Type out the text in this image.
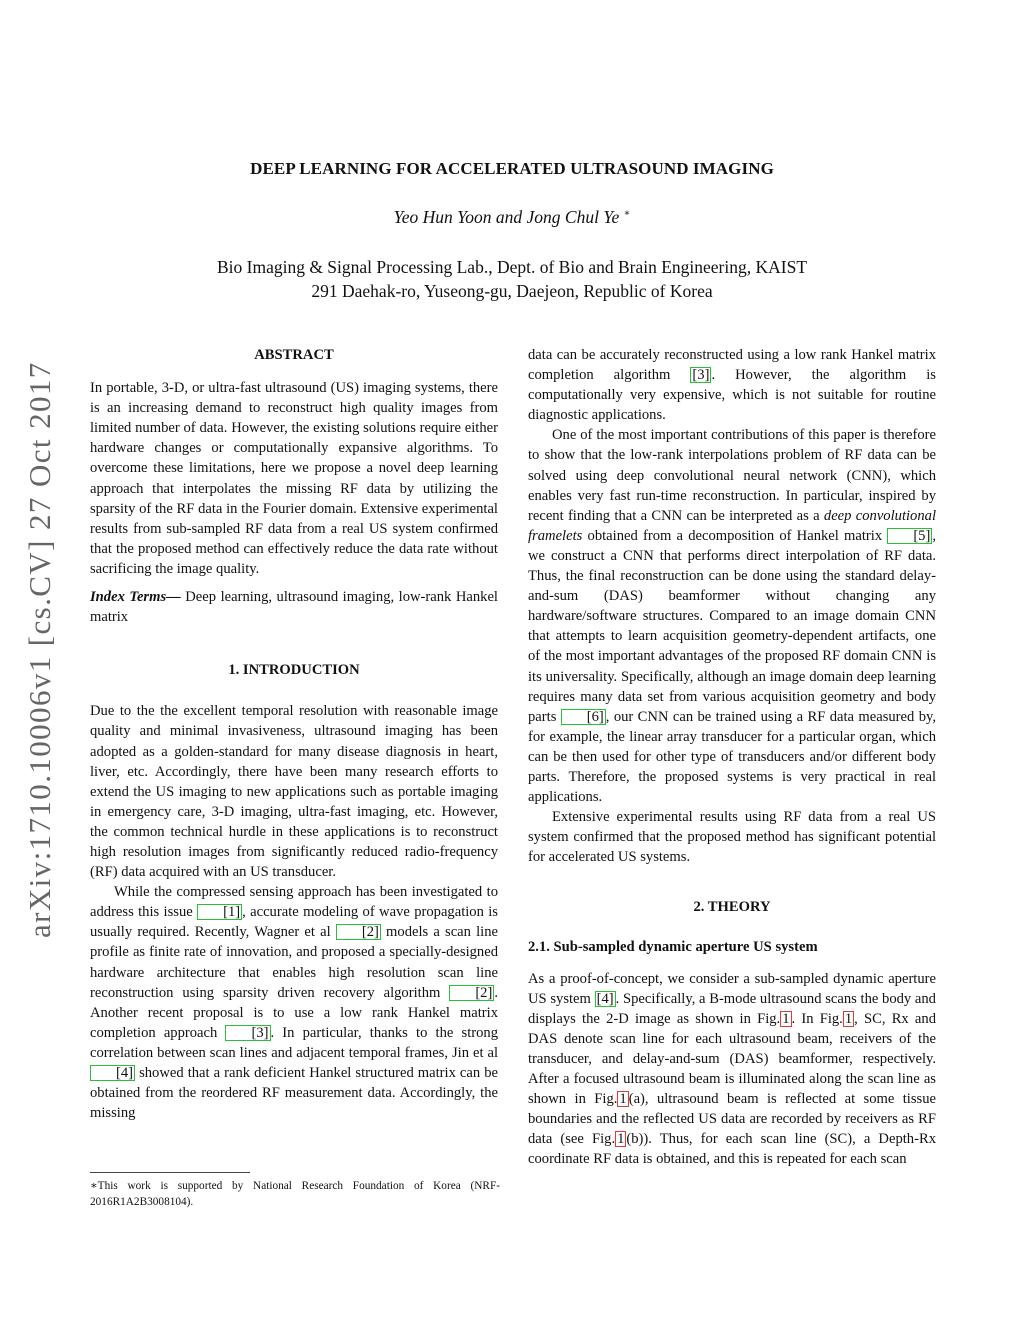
arXiv:1710.10006v1 [cs.CV] 27 Oct 2017
DEEP LEARNING FOR ACCELERATED ULTRASOUND IMAGING
Yeo Hun Yoon and Jong Chul Ye ∗
Bio Imaging & Signal Processing Lab., Dept. of Bio and Brain Engineering, KAIST
291 Daehak-ro, Yuseong-gu, Daejeon, Republic of Korea
ABSTRACT

In portable, 3-D, or ultra-fast ultrasound (US) imaging systems, there is an increasing demand to reconstruct high quality images from limited number of data. However, the existing solutions require either hardware changes or computationally expansive algorithms. To overcome these limitations, here we propose a novel deep learning approach that interpolates the missing RF data by utilizing the sparsity of the RF data in the Fourier domain. Extensive experimental results from sub-sampled RF data from a real US system confirmed that the proposed method can effectively reduce the data rate without sacrificing the image quality.

Index Terms— Deep learning, ultrasound imaging, low-rank Hankel matrix

1. INTRODUCTION

Due to the the excellent temporal resolution with reasonable image quality and minimal invasiveness, ultrasound imaging has been adopted as a golden-standard for many disease diagnosis in heart, liver, etc. Accordingly, there have been many research efforts to extend the US imaging to new applications such as portable imaging in emergency care, 3-D imaging, ultra-fast imaging, etc. However, the common technical hurdle in these applications is to reconstruct high resolution images from significantly reduced radio-frequency (RF) data acquired with an US transducer.

While the compressed sensing approach has been investigated to address this issue [1] , accurate modeling of wave propagation is usually required. Recently, Wagner et al [2] models a scan line profile as finite rate of innovation, and proposed a specially-designed hardware architecture that enables high resolution scan line reconstruction using sparsity driven recovery algorithm [2] . Another recent proposal is to use a low rank Hankel matrix completion approach [3] . In particular, thanks to the strong correlation between scan lines and adjacent temporal frames, Jin et al [4] showed that a rank deficient Hankel structured matrix can be obtained from the reordered RF measurement data. Accordingly, the missing

∗This work is supported by National Research Foundation of Korea (NRF-2016R1A2B3008104).

data can be accurately reconstructed using a low rank Hankel matrix completion algorithm [3] . However, the algorithm is computationally very expensive, which is not suitable for routine diagnostic applications.

One of the most important contributions of this paper is therefore to show that the low-rank interpolations problem of RF data can be solved using deep convolutional neural network (CNN), which enables very fast run-time reconstruction. In particular, inspired by recent finding that a CNN can be interpreted as a deep convolutional framelets obtained from a decomposition of Hankel matrix [5] , we construct a CNN that performs direct interpolation of RF data. Thus, the final reconstruction can be done using the standard delay-and-sum (DAS) beamformer without changing any hardware/software structures. Compared to an image domain CNN that attempts to learn acquisition geometry-dependent artifacts, one of the most important advantages of the proposed RF domain CNN is its universality. Specifically, although an image domain deep learning requires many data set from various acquisition geometry and body parts [6] , our CNN can be trained using a RF data measured by, for example, the linear array transducer for a particular organ, which can be then used for other type of transducers and/or different body parts. Therefore, the proposed systems is very practical in real applications.

Extensive experimental results using RF data from a real US system confirmed that the proposed method has significant potential for accelerated US systems.

2. THEORY
2.1. Sub-sampled dynamic aperture US system

As a proof-of-concept, we consider a sub-sampled dynamic aperture US system [4] . Specifically, a B-mode ultrasound scans the body and displays the 2-D image as shown in Fig. 1 . In Fig. 1 , SC, Rx and DAS denote scan line for each ultrasound beam, receivers of the transducer, and delay-and-sum (DAS) beamformer, respectively. After a focused ultrasound beam is illuminated along the scan line as shown in Fig. 1 (a), ultrasound beam is reflected at some tissue boundaries and the reflected US data are recorded by receivers as RF data (see Fig. 1 (b)). Thus, for each scan line (SC), a Depth-Rx coordinate RF data is obtained, and this is repeated for each scan
